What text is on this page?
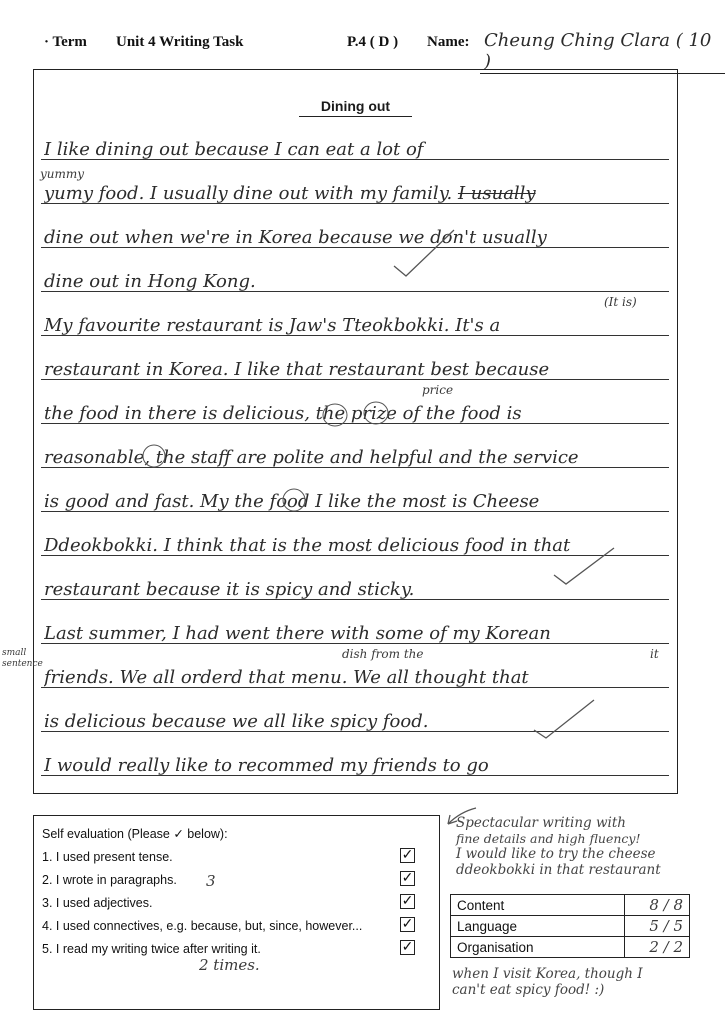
· Term Unit 4 Writing Task	P.4 ( D ) Name: Cheung Ching Clara ( 10 )
Dining out
I like dining out because I can eat a lot of
yumy food. I usually dine out with my family. I usually
dine out when we're in Korea because we don't usually
dine out in Hong Kong.
My favourite restaurant is Jaw's Tteokbokki. It's a
restaurant in Korea. I like that restaurant best because
the food in there is delicious, the prize of the food is
reasonable, the staff are polite and helpful and the service
is good and fast. My the food I like the most is Cheese
Ddeokbokki. I think that is the most delicious food in that
restaurant because it is spicy and sticky.
Last summer, I had went there with some of my Korean
friends. We all orderd that menu. We all thought that
is delicious because we all like spicy food.
I would really like to recommed my friends to go
yummy
(It is)
price
dish from the	it
small sentence
Self evaluation (Please ✓ below):
1. I used present tense.	✓
2. I wrote in paragraphs.	✓
3. I used adjectives.	✓
4. I used connectives, e.g. because, but, since, however...	✓
5. I read my writing twice after writing it.	✓
3
2 times.
Spectacular writing with
fine details and high fluency!
I would like to try the cheese
ddeokbokki in that restaurant
Content	8 / 8
Language	5 / 5
Organisation	2 / 2
when I visit Korea, though I
can't eat spicy food! :)
